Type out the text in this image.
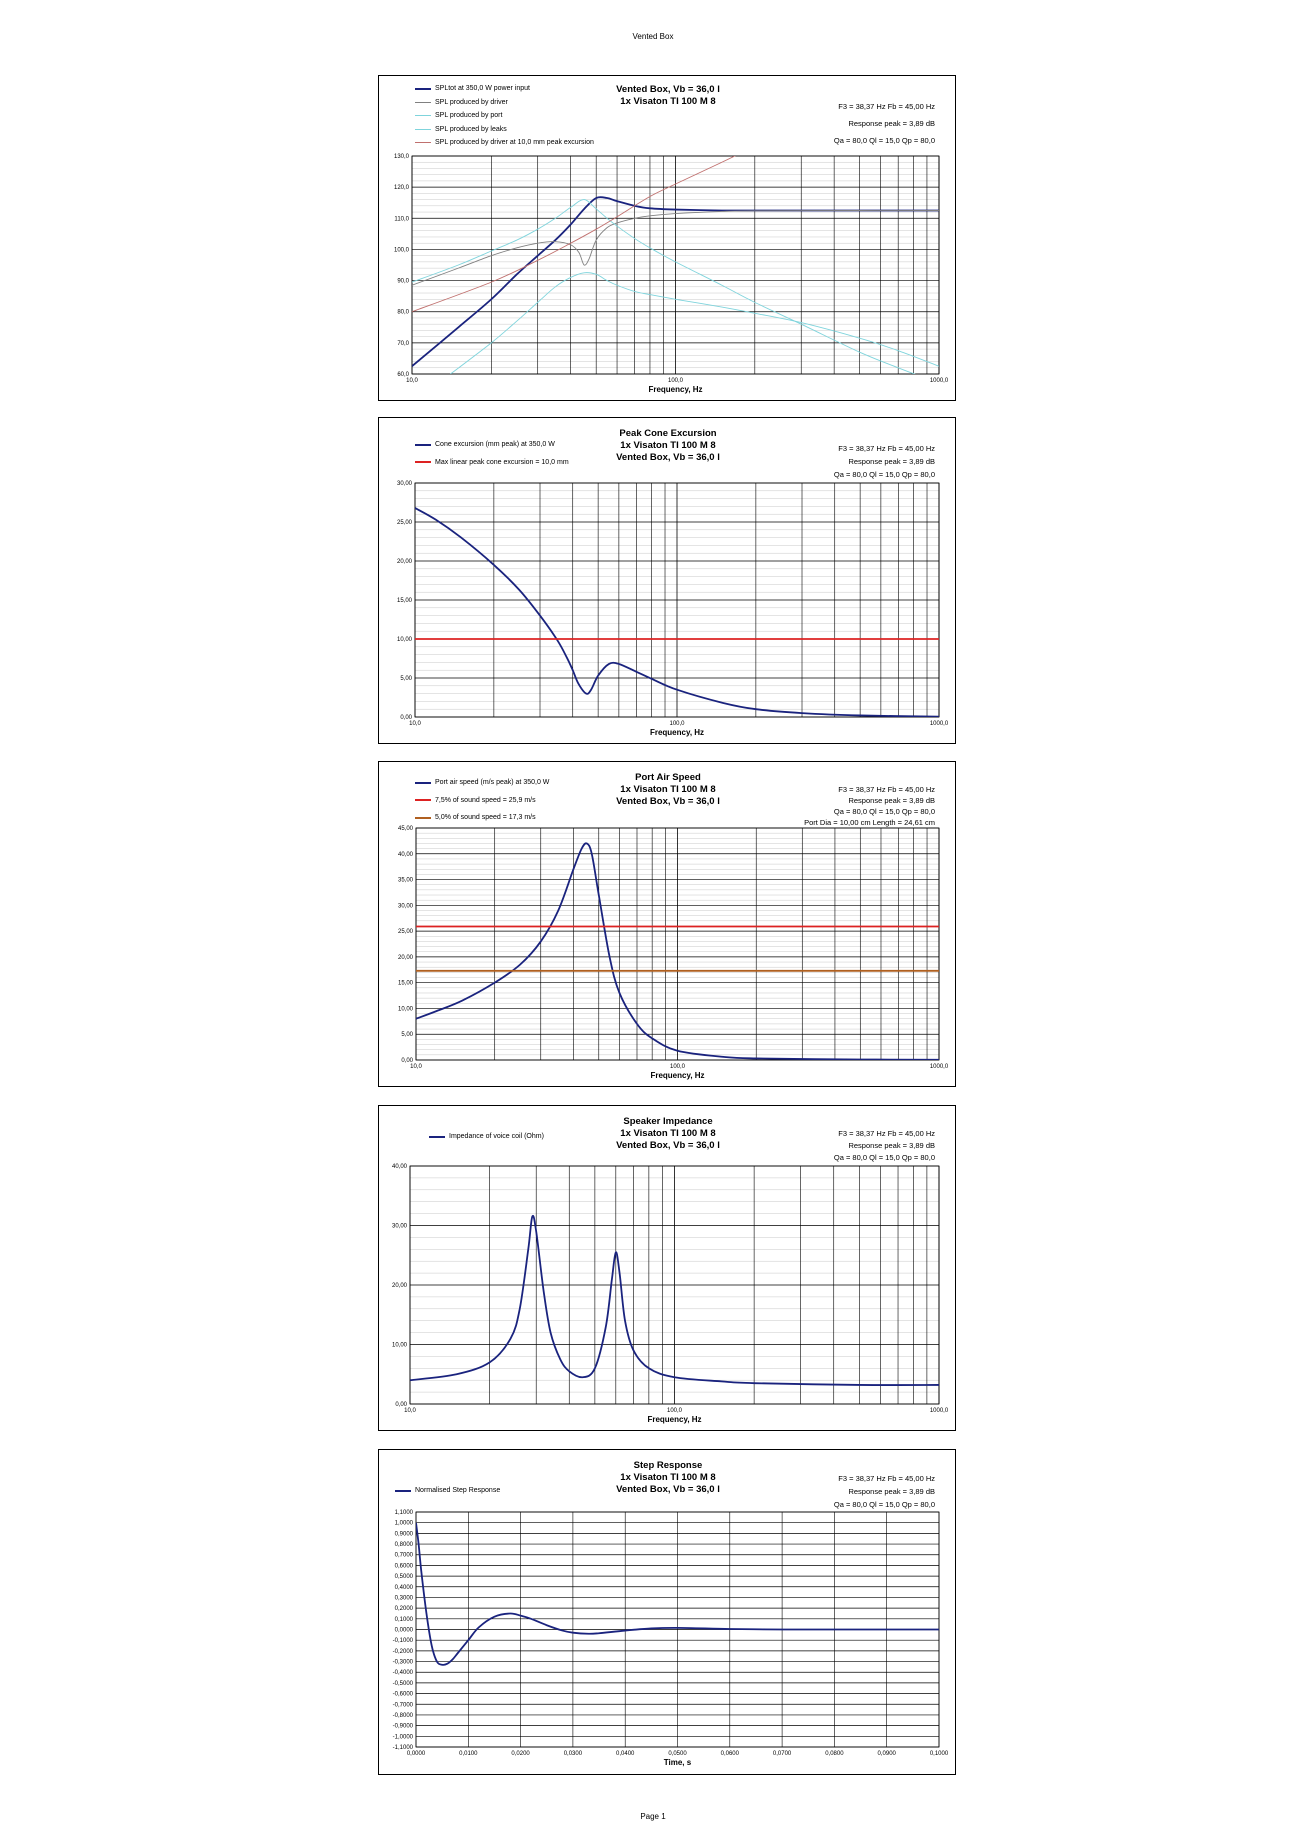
Vented Box
SPLtot at 350,0 W power input
SPL produced by driver
SPL produced by port
SPL produced by leaks
SPL produced by driver at 10,0 mm peak excursion
Vented Box, Vb = 36,0 l
1x Visaton TI 100 M 8	F3 = 38,37 Hz Fb = 45,00 Hz
Response peak = 3,89 dB
Qa = 80,0 Ql = 15,0 Qp = 80,0
60,0
70,0
80,0
90,0
100,0
110,0
120,0
130,0
10,0	100,0	1000,0
Frequency, Hz
Cone excursion (mm peak) at 350,0 W
Max linear peak cone excursion = 10,0 mm
Peak Cone Excursion
1x Visaton TI 100 M 8
Vented Box, Vb = 36,0 l
F3 = 38,37 Hz Fb = 45,00 Hz
Response peak = 3,89 dB
Qa = 80,0 Ql = 15,0 Qp = 80,0
0,00
5,00
10,00
15,00
20,00
25,00
30,00
10,0	100,0	1000,0
Frequency, Hz
Port air speed (m/s peak) at 350,0 W
7,5% of sound speed = 25,9 m/s
5,0% of sound speed = 17,3 m/s
Port Air Speed
1x Visaton TI 100 M 8
Vented Box, Vb = 36,0 l
F3 = 38,37 Hz Fb = 45,00 Hz
Response peak = 3,89 dB
Qa = 80,0 Ql = 15,0 Qp = 80,0
Port Dia = 10,00 cm Length = 24,61 cm
0,00
5,00
10,00
15,00
20,00
25,00
30,00
35,00
40,00
45,00
10,0	100,0	1000,0
Frequency, Hz
Impedance of voice coil (Ohm)
Speaker Impedance
1x Visaton TI 100 M 8
Vented Box, Vb = 36,0 l
F3 = 38,37 Hz Fb = 45,00 Hz
Response peak = 3,89 dB
Qa = 80,0 Ql = 15,0 Qp = 80,0
0,00
10,00
20,00
30,00
40,00
10,0	100,0	1000,0
Frequency, Hz
Normalised Step Response
Step Response
1x Visaton TI 100 M 8
Vented Box, Vb = 36,0 l
F3 = 38,37 Hz Fb = 45,00 Hz
Response peak = 3,89 dB
Qa = 80,0 Ql = 15,0 Qp = 80,0
-1,1000
-1,0000
-0,9000
-0,8000
-0,7000
-0,6000
-0,5000
-0,4000
-0,3000
-0,2000
-0,1000
0,0000
0,1000
0,2000
0,3000
0,4000
0,5000
0,6000
0,7000
0,8000
0,9000
1,0000
1,1000
0,0000	0,0100	0,0200	0,0300	0,0400	0,0500	0,0600	0,0700	0,0800	0,0900	0,1000
Time, s
Page 1
